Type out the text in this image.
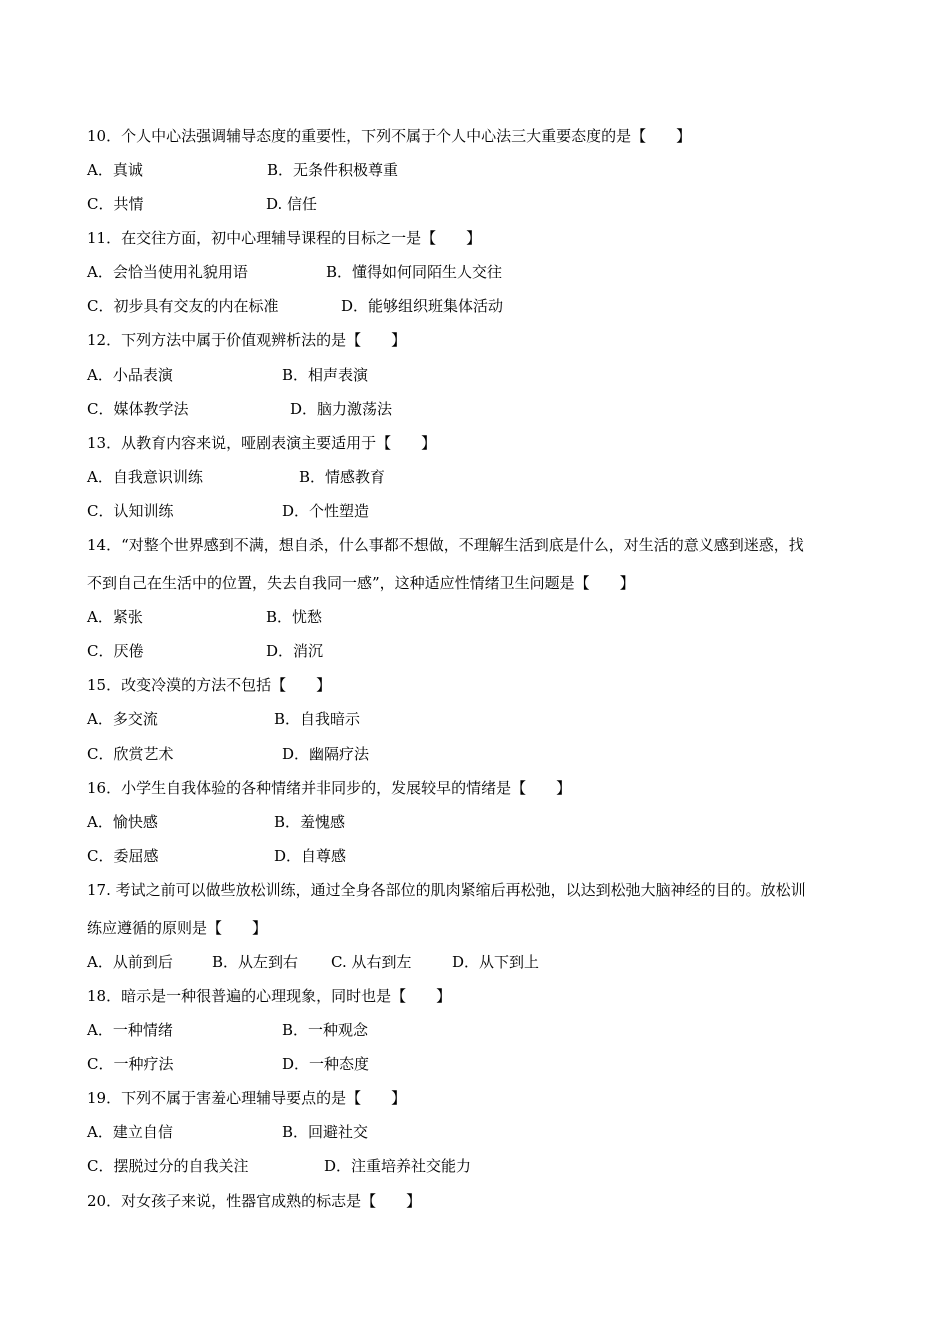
10．个人中心法强调辅导态度的重要性，下列不属于个人中心法三大重要态度的是【　　】
A．真诚	B．无条件积极尊重
C．共情	D. 信任
11．在交往方面，初中心理辅导课程的目标之一是【　　】
A．会恰当使用礼貌用语	B．懂得如何同陌生人交往
C．初步具有交友的内在标准	D．能够组织班集体活动
12．下列方法中属于价值观辨析法的是【　　】
A．小品表演	B．相声表演
C．媒体教学法	D．脑力激荡法
13．从教育内容来说，哑剧表演主要适用于【　　】
A．自我意识训练	B．情感教育
C．认知训练	D．个性塑造
14．“对整个世界感到不满，想自杀，什么事都不想做，不理解生活到底是什么，对生活的意义感到迷惑，找
不到自己在生活中的位置，失去自我同一感”，这种适应性情绪卫生问题是【　　】
A．紧张	B．忧愁
C．厌倦	D．消沉
15．改变冷漠的方法不包括【　　】
A．多交流	B．自我暗示
C．欣赏艺术	D．幽隔疗法
16．小学生自我体验的各种情绪并非同步的，发展较早的情绪是【　　】
A．愉快感	B．羞愧感
C．委屈感	D．自尊感
17. 考试之前可以做些放松训练，通过全身各部位的肌肉紧缩后再松弛，以达到松弛大脑神经的目的。放松训
练应遵循的原则是【　　】
A．从前到后	B．从左到右 C. 从右到左	D．从下到上
18．暗示是一种很普遍的心理现象，同时也是【　　】
A．一种情绪	B．一种观念
C．一种疗法	D．一种态度
19．下列不属于害羞心理辅导要点的是【　　】
A．建立自信	B．回避社交
C．摆脱过分的自我关注	D．注重培养社交能力
20．对女孩子来说，性器官成熟的标志是【　　】
